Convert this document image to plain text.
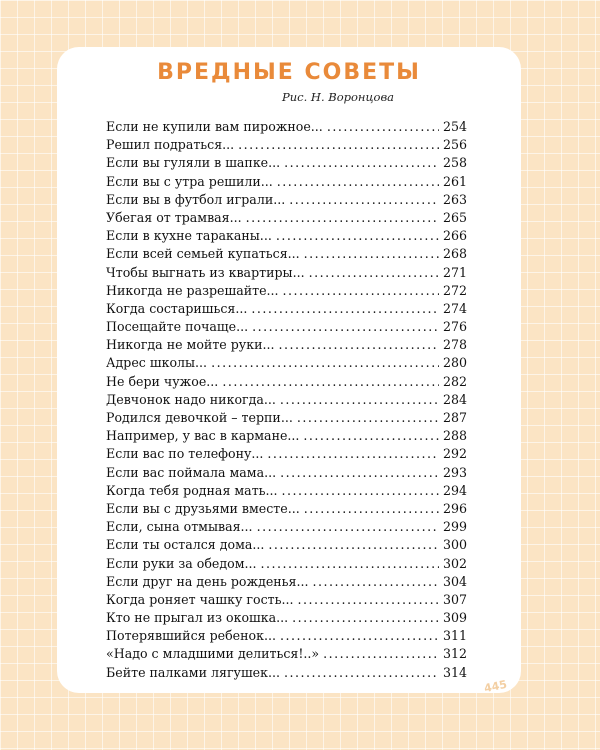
ВРЕДНЫЕ СОВЕТЫ
Рис. Н. Воронцова
Если не купили вам пирожное... .....	254
Решил подраться... .....	256
Если вы гуляли в шапке... .....	258
Если вы с утра решили... .....	261
Если вы в футбол играли... .....	263
Убегая от трамвая... .....	265
Если в кухне тараканы... .....	266
Если всей семьей купаться... .....	268
Чтобы выгнать из квартиры... .....	271
Никогда не разрешайте... .....	272
Когда состаришься... .....	274
Посещайте почаще... .....	276
Никогда не мойте руки... .....	278
Адрес школы... .....	280
Не бери чужое... .....	282
Девчонок надо никогда... .....	284
Родился девочкой – терпи... .....	287
Например, у вас в кармане... .....	288
Если вас по телефону... .....	292
Если вас поймала мама... .....	293
Когда тебя родная мать... .....	294
Если вы с друзьями вместе... .....	296
Если, сына отмывая... .....	299
Если ты остался дома... .....	300
Если руки за обедом... .....	302
Если друг на день рожденья... .....	304
Когда роняет чашку гость... .....	307
Кто не прыгал из окошка... .....	309
Потерявшийся ребенок... .....	311
«Надо с младшими делиться!..» .....	312
Бейте палками лягушек... .....	314
445
